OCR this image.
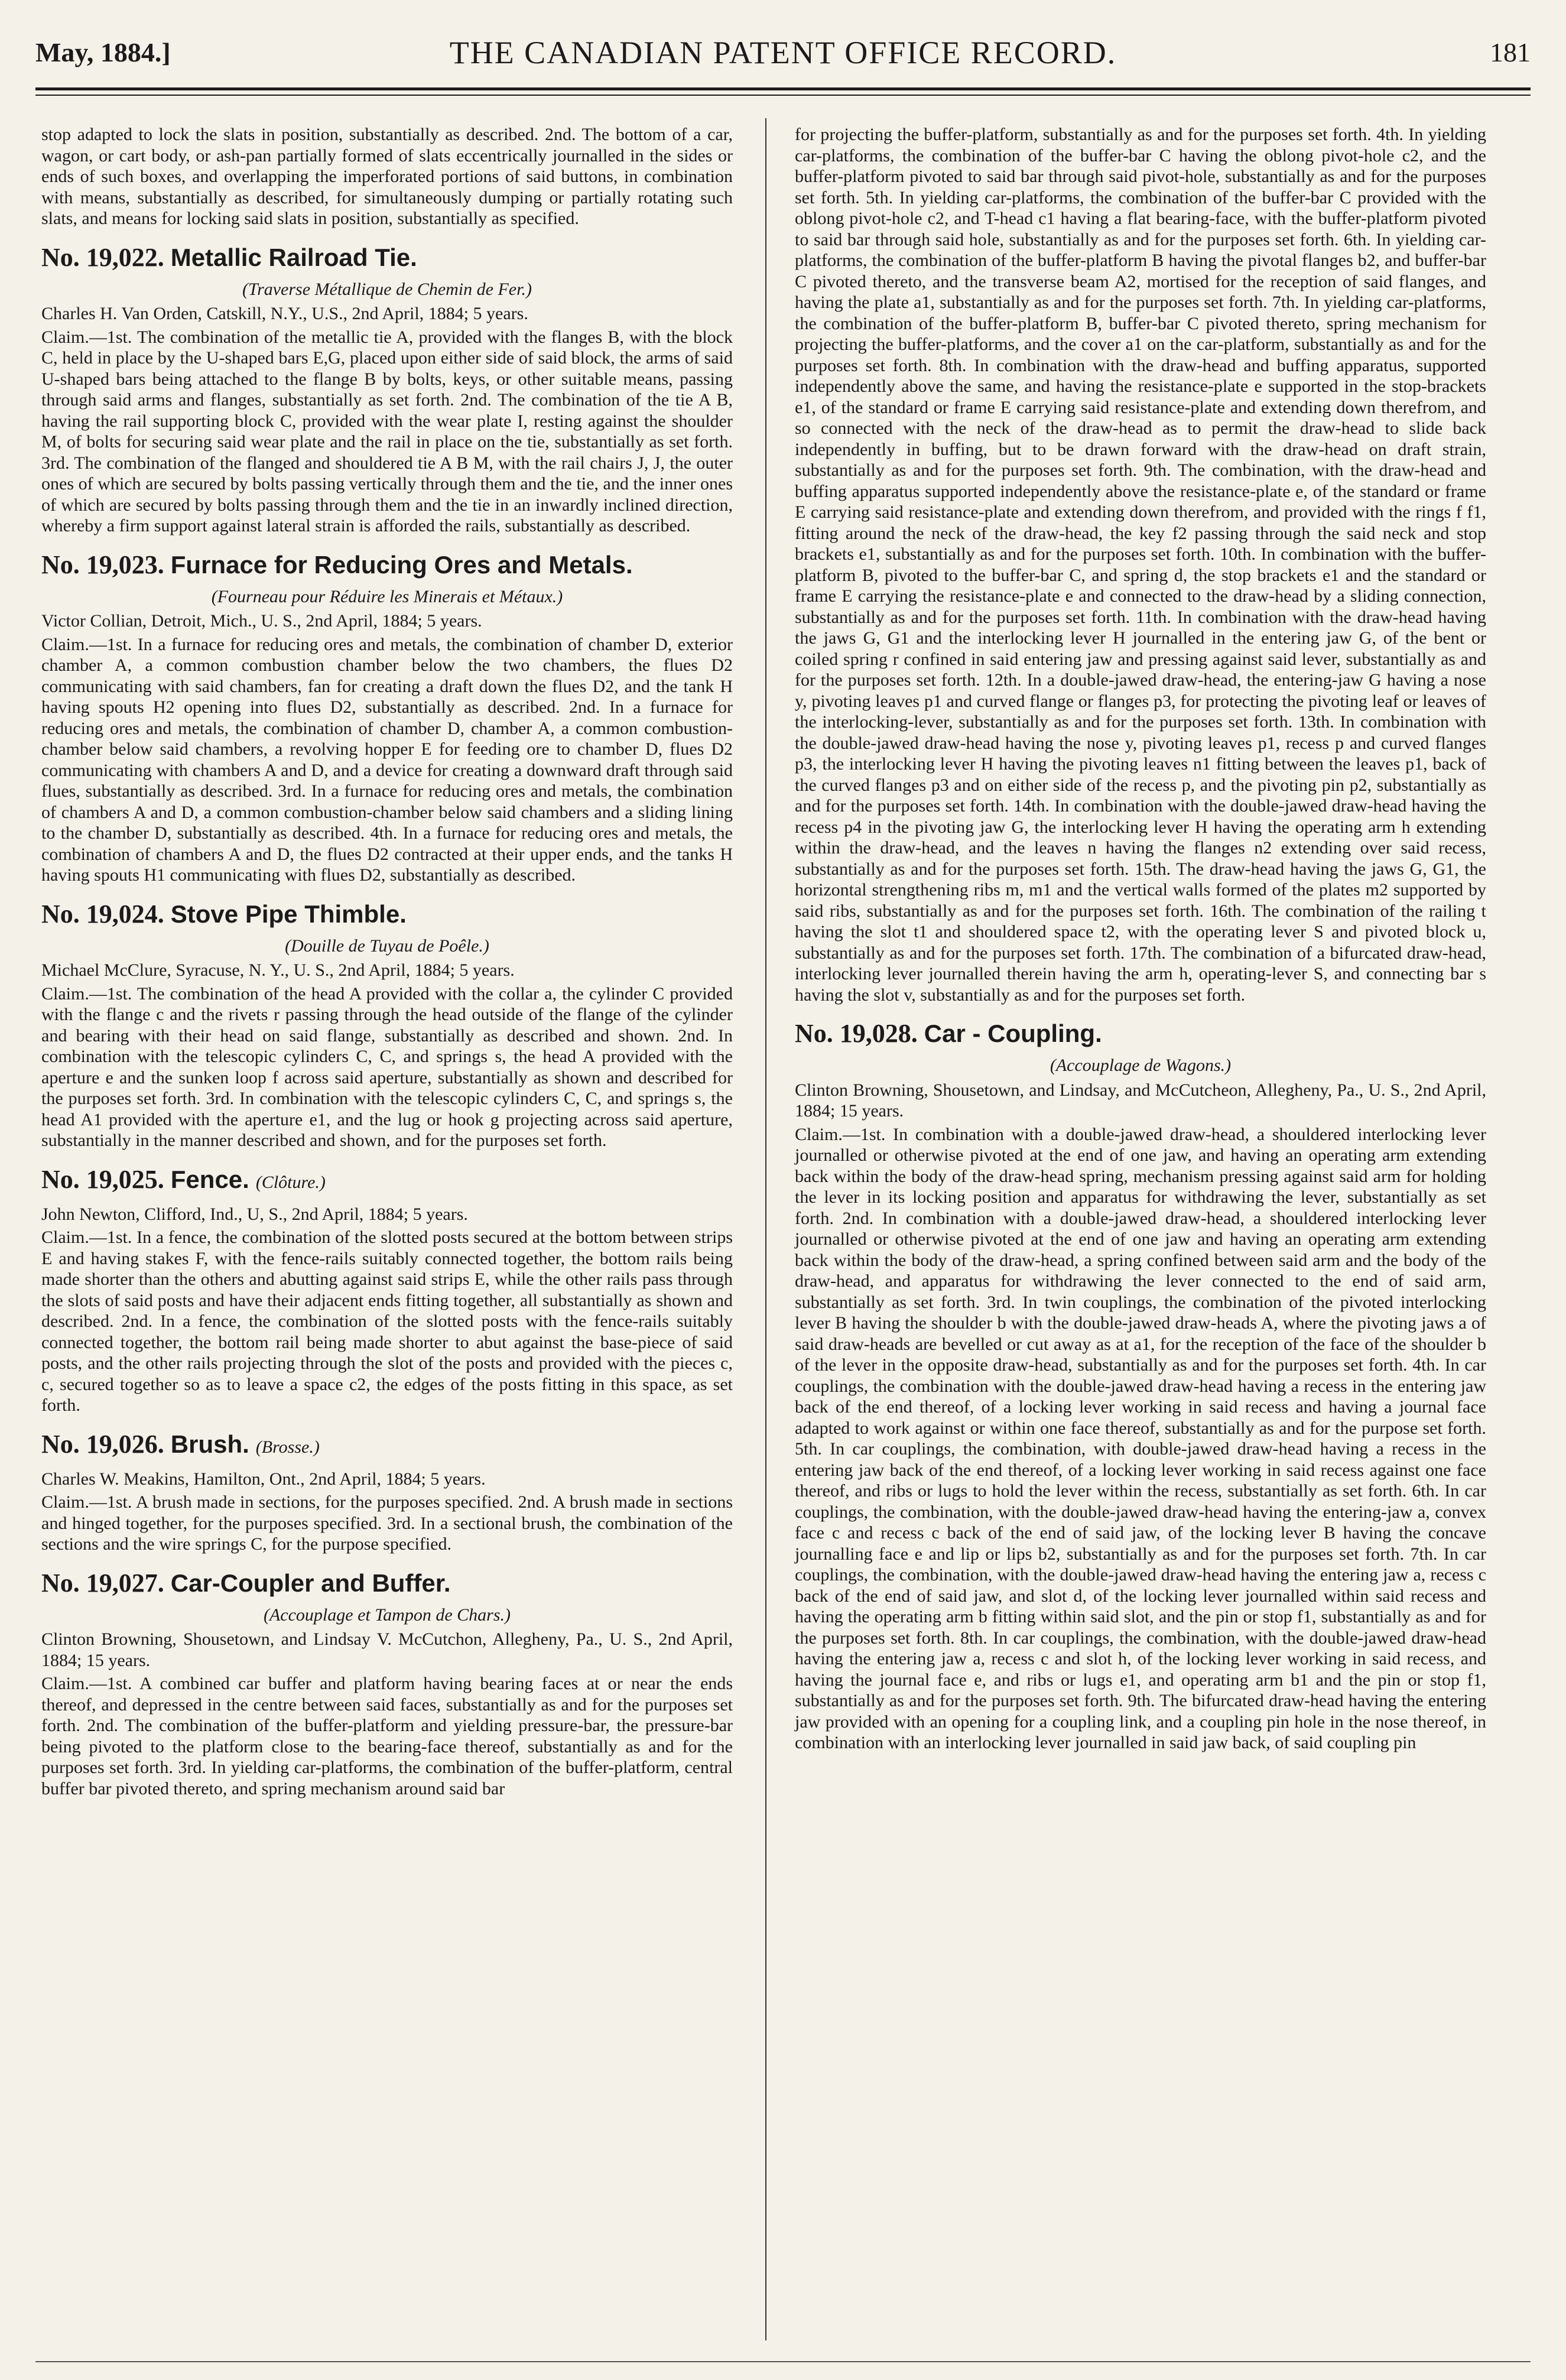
May, 1884.]	THE CANADIAN PATENT OFFICE RECORD.	181

stop adapted to lock the slats in position, substantially as described. 2nd. The bottom of a car, wagon, or cart body, or ash-pan partially formed of slats eccentrically journalled in the sides or ends of such boxes, and overlapping the imperforated portions of said buttons, in combination with means, substantially as described, for simultaneously dumping or partially rotating such slats, and means for locking said slats in position, substantially as specified.

No. 19,022. Metallic Railroad Tie.
(Traverse Métallique de Chemin de Fer.)

Charles H. Van Orden, Catskill, N.Y., U.S., 2nd April, 1884; 5 years.

Claim.—1st. The combination of the metallic tie A, provided with the flanges B, with the block C, held in place by the U-shaped bars E,G, placed upon either side of said block, the arms of said U-shaped bars being attached to the flange B by bolts, keys, or other suitable means, passing through said arms and flanges, substantially as set forth. 2nd. The combination of the tie A B, having the rail supporting block C, provided with the wear plate I, resting against the shoulder M, of bolts for securing said wear plate and the rail in place on the tie, substantially as set forth. 3rd. The combination of the flanged and shouldered tie A B M, with the rail chairs J, J, the outer ones of which are secured by bolts passing vertically through them and the tie, and the inner ones of which are secured by bolts passing through them and the tie in an inwardly inclined direction, whereby a firm support against lateral strain is afforded the rails, substantially as described.

No. 19,023. Furnace for Reducing Ores and Metals.
(Fourneau pour Réduire les Minerais et Métaux.)

Victor Collian, Detroit, Mich., U. S., 2nd April, 1884; 5 years.

Claim.—1st. In a furnace for reducing ores and metals, the combination of chamber D, exterior chamber A, a common combustion chamber below the two chambers, the flues D2 communicating with said chambers, fan for creating a draft down the flues D2, and the tank H having spouts H2 opening into flues D2, substantially as described. 2nd. In a furnace for reducing ores and metals, the combination of chamber D, chamber A, a common combustion-chamber below said chambers, a revolving hopper E for feeding ore to chamber D, flues D2 communicating with chambers A and D, and a device for creating a downward draft through said flues, substantially as described. 3rd. In a furnace for reducing ores and metals, the combination of chambers A and D, a common combustion-chamber below said chambers and a sliding lining to the chamber D, substantially as described. 4th. In a furnace for reducing ores and metals, the combination of chambers A and D, the flues D2 contracted at their upper ends, and the tanks H having spouts H1 communicating with flues D2, substantially as described.

No. 19,024. Stove Pipe Thimble.
(Douille de Tuyau de Poêle.)

Michael McClure, Syracuse, N. Y., U. S., 2nd April, 1884; 5 years.

Claim.—1st. The combination of the head A provided with the collar a, the cylinder C provided with the flange c and the rivets r passing through the head outside of the flange of the cylinder and bearing with their head on said flange, substantially as described and shown. 2nd. In combination with the telescopic cylinders C, C, and springs s, the head A provided with the aperture e and the sunken loop f across said aperture, substantially as shown and described for the purposes set forth. 3rd. In combination with the telescopic cylinders C, C, and springs s, the head A1 provided with the aperture e1, and the lug or hook g projecting across said aperture, substantially in the manner described and shown, and for the purposes set forth.

No. 19,025. Fence. (Clôture.)

John Newton, Clifford, Ind., U, S., 2nd April, 1884; 5 years.

Claim.—1st. In a fence, the combination of the slotted posts secured at the bottom between strips E and having stakes F, with the fence-rails suitably connected together, the bottom rails being made shorter than the others and abutting against said strips E, while the other rails pass through the slots of said posts and have their adjacent ends fitting together, all substantially as shown and described. 2nd. In a fence, the combination of the slotted posts with the fence-rails suitably connected together, the bottom rail being made shorter to abut against the base-piece of said posts, and the other rails projecting through the slot of the posts and provided with the pieces c, c, secured together so as to leave a space c2, the edges of the posts fitting in this space, as set forth.

No. 19,026. Brush. (Brosse.)

Charles W. Meakins, Hamilton, Ont., 2nd April, 1884; 5 years.

Claim.—1st. A brush made in sections, for the purposes specified. 2nd. A brush made in sections and hinged together, for the purposes specified. 3rd. In a sectional brush, the combination of the sections and the wire springs C, for the purpose specified.

No. 19,027. Car-Coupler and Buffer.
(Accouplage et Tampon de Chars.)

Clinton Browning, Shousetown, and Lindsay V. McCutchon, Allegheny, Pa., U. S., 2nd April, 1884; 15 years.

Claim.—1st. A combined car buffer and platform having bearing faces at or near the ends thereof, and depressed in the centre between said faces, substantially as and for the purposes set forth. 2nd. The combination of the buffer-platform and yielding pressure-bar, the pressure-bar being pivoted to the platform close to the bearing-face thereof, substantially as and for the purposes set forth. 3rd. In yielding car-platforms, the combination of the buffer-platform, central buffer bar pivoted thereto, and spring mechanism around said bar

for projecting the buffer-platform, substantially as and for the purposes set forth. 4th. In yielding car-platforms, the combination of the buffer-bar C having the oblong pivot-hole c2, and the buffer-platform pivoted to said bar through said pivot-hole, substantially as and for the purposes set forth. 5th. In yielding car-platforms, the combination of the buffer-bar C provided with the oblong pivot-hole c2, and T-head c1 having a flat bearing-face, with the buffer-platform pivoted to said bar through said hole, substantially as and for the purposes set forth. 6th. In yielding car-platforms, the combination of the buffer-platform B having the pivotal flanges b2, and buffer-bar C pivoted thereto, and the transverse beam A2, mortised for the reception of said flanges, and having the plate a1, substantially as and for the purposes set forth. 7th. In yielding car-platforms, the combination of the buffer-platform B, buffer-bar C pivoted thereto, spring mechanism for projecting the buffer-platforms, and the cover a1 on the car-platform, substantially as and for the purposes set forth. 8th. In combination with the draw-head and buffing apparatus, supported independently above the same, and having the resistance-plate e supported in the stop-brackets e1, of the standard or frame E carrying said resistance-plate and extending down therefrom, and so connected with the neck of the draw-head as to permit the draw-head to slide back independently in buffing, but to be drawn forward with the draw-head on draft strain, substantially as and for the purposes set forth. 9th. The combination, with the draw-head and buffing apparatus supported independently above the resistance-plate e, of the standard or frame E carrying said resistance-plate and extending down therefrom, and provided with the rings f f1, fitting around the neck of the draw-head, the key f2 passing through the said neck and stop brackets e1, substantially as and for the purposes set forth. 10th. In combination with the buffer-platform B, pivoted to the buffer-bar C, and spring d, the stop brackets e1 and the standard or frame E carrying the resistance-plate e and connected to the draw-head by a sliding connection, substantially as and for the purposes set forth. 11th. In combination with the draw-head having the jaws G, G1 and the interlocking lever H journalled in the entering jaw G, of the bent or coiled spring r confined in said entering jaw and pressing against said lever, substantially as and for the purposes set forth. 12th. In a double-jawed draw-head, the entering-jaw G having a nose y, pivoting leaves p1 and curved flange or flanges p3, for protecting the pivoting leaf or leaves of the interlocking-lever, substantially as and for the purposes set forth. 13th. In combination with the double-jawed draw-head having the nose y, pivoting leaves p1, recess p and curved flanges p3, the interlocking lever H having the pivoting leaves n1 fitting between the leaves p1, back of the curved flanges p3 and on either side of the recess p, and the pivoting pin p2, substantially as and for the purposes set forth. 14th. In combination with the double-jawed draw-head having the recess p4 in the pivoting jaw G, the interlocking lever H having the operating arm h extending within the draw-head, and the leaves n having the flanges n2 extending over said recess, substantially as and for the purposes set forth. 15th. The draw-head having the jaws G, G1, the horizontal strengthening ribs m, m1 and the vertical walls formed of the plates m2 supported by said ribs, substantially as and for the purposes set forth. 16th. The combination of the railing t having the slot t1 and shouldered space t2, with the operating lever S and pivoted block u, substantially as and for the purposes set forth. 17th. The combination of a bifurcated draw-head, interlocking lever journalled therein having the arm h, operating-lever S, and connecting bar s having the slot v, substantially as and for the purposes set forth.

No. 19,028. Car - Coupling.
(Accouplage de Wagons.)

Clinton Browning, Shousetown, and Lindsay, and McCutcheon, Allegheny, Pa., U. S., 2nd April, 1884; 15 years.

Claim.—1st. In combination with a double-jawed draw-head, a shouldered interlocking lever journalled or otherwise pivoted at the end of one jaw, and having an operating arm extending back within the body of the draw-head spring, mechanism pressing against said arm for holding the lever in its locking position and apparatus for withdrawing the lever, substantially as set forth. 2nd. In combination with a double-jawed draw-head, a shouldered interlocking lever journalled or otherwise pivoted at the end of one jaw and having an operating arm extending back within the body of the draw-head, a spring confined between said arm and the body of the draw-head, and apparatus for withdrawing the lever connected to the end of said arm, substantially as set forth. 3rd. In twin couplings, the combination of the pivoted interlocking lever B having the shoulder b with the double-jawed draw-heads A, where the pivoting jaws a of said draw-heads are bevelled or cut away as at a1, for the reception of the face of the shoulder b of the lever in the opposite draw-head, substantially as and for the purposes set forth. 4th. In car couplings, the combination with the double-jawed draw-head having a recess in the entering jaw back of the end thereof, of a locking lever working in said recess and having a journal face adapted to work against or within one face thereof, substantially as and for the purpose set forth. 5th. In car couplings, the combination, with double-jawed draw-head having a recess in the entering jaw back of the end thereof, of a locking lever working in said recess against one face thereof, and ribs or lugs to hold the lever within the recess, substantially as set forth. 6th. In car couplings, the combination, with the double-jawed draw-head having the entering-jaw a, convex face c and recess c back of the end of said jaw, of the locking lever B having the concave journalling face e and lip or lips b2, substantially as and for the purposes set forth. 7th. In car couplings, the combination, with the double-jawed draw-head having the entering jaw a, recess c back of the end of said jaw, and slot d, of the locking lever journalled within said recess and having the operating arm b fitting within said slot, and the pin or stop f1, substantially as and for the purposes set forth. 8th. In car couplings, the combination, with the double-jawed draw-head having the entering jaw a, recess c and slot h, of the locking lever working in said recess, and having the journal face e, and ribs or lugs e1, and operating arm b1 and the pin or stop f1, substantially as and for the purposes set forth. 9th. The bifurcated draw-head having the entering jaw provided with an opening for a coupling link, and a coupling pin hole in the nose thereof, in combination with an interlocking lever journalled in said jaw back, of said coupling pin
